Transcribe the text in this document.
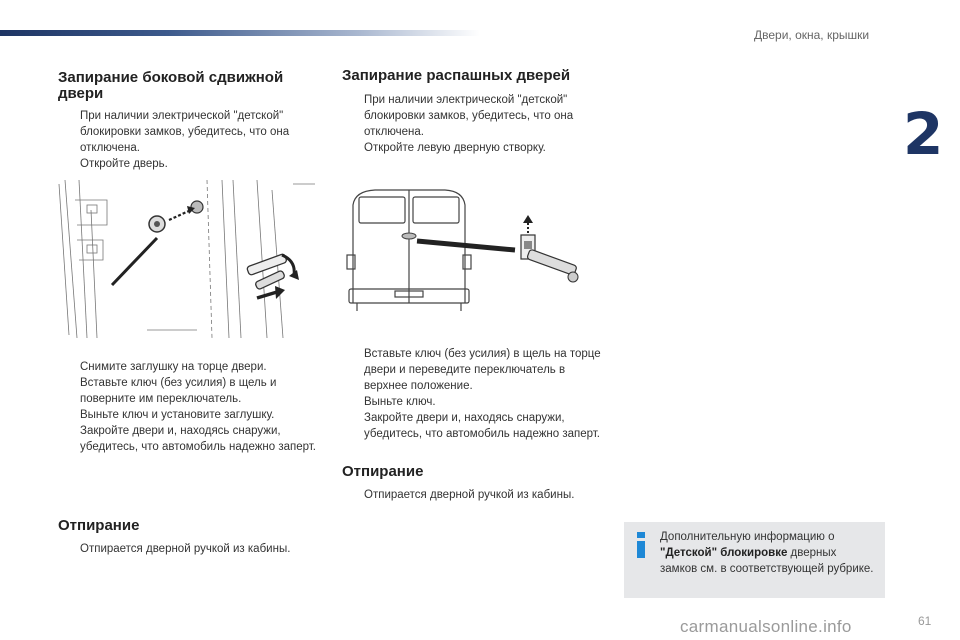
Двери, окна, крышки
2
Запирание боковой сдвижной двери
При наличии электрической "детской" блокировки замков, убедитесь, что она отключена.
Откройте дверь.
Снимите заглушку на торце двери.
Вставьте ключ (без усилия) в щель и поверните им переключатель.
Выньте ключ и установите заглушку.
Закройте двери и, находясь снаружи, убедитесь, что автомобиль надежно заперт.
Отпирание
Отпирается дверной ручкой из кабины.
Запирание распашных дверей
При наличии электрической "детской" блокировки замков, убедитесь, что она отключена.
Откройте левую дверную створку.
Вставьте ключ (без усилия) в щель на торце двери и переведите переключатель в верхнее положение.
Выньте ключ.
Закройте двери и, находясь снаружи, убедитесь, что автомобиль надежно заперт.
Отпирание
Отпирается дверной ручкой из кабины.
Дополнительную информацию о "Детской" блокировке дверных замков см. в соответствующей рубрике.
61
carmanualsonline.info
